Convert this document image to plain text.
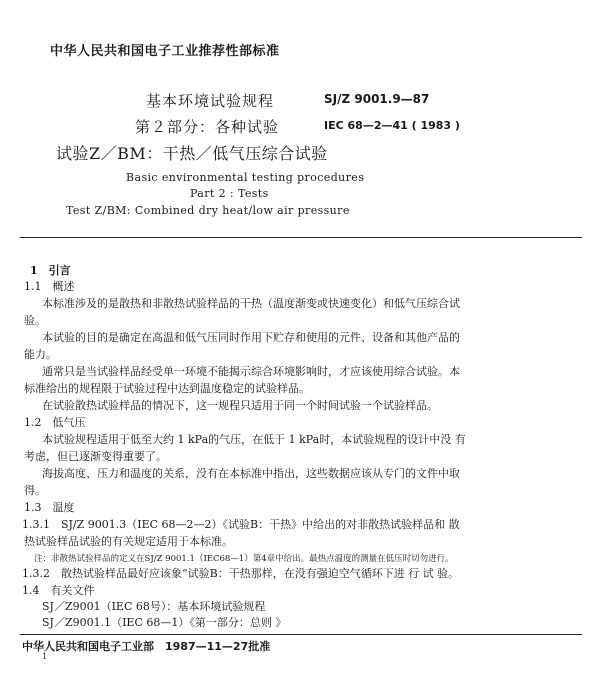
中华人民共和国电子工业推荐性部标准
基本环境试验规程	SJ/Z 9001.9—87
第２部分：各种试验	IEC 68—2—41 ( 1983 )
试验Z／BM：干热／低气压综合试验
Basic environmental testing procedures
Part 2 : Tests
Test Z/BM: Combined dry heat/low air pressure
1　引言
1.1　概述
本标准涉及的是散热和非散热试验样品的干热（温度渐变或快速变化）和低气压综合试
验。
本试验的目的是确定在高温和低气压同时作用下贮存和使用的元件、设备和其他产品的
能力。
通常只是当试验样品经受单一环境不能揭示综合环境影响时，才应该使用综合试验。本
标准给出的规程限于试验过程中达到温度稳定的试验样品。
在试验散热试验样品的情况下，这一规程只适用于同一个时间试验一个试验样品。
1.2　低气压
本试验规程适用于低至大约 1 kPa的气压，在低于 1 kPa时，本试验规程的设计中没 有
考虑，但已逐渐变得重要了。
海拔高度、压力和温度的关系，没有在本标准中指出，这些数据应该从专门的文件中取
得。
1.3　温度
1.3.1　SJ/Z 9001.3（IEC 68—2—2）《试验B：干热》中给出的对非散热试验样品和 散
热试验样品试验的有关规定适用于本标准。
注：非散热试验样品的定义在SJ/Z 9001.1（IEC68—1）第4章中给出。最热点温度的测量在低压时切勿进行。
1.3.2　散热试验样品最好应该象“试验B：干热那样，在没有强迫空气循环下进 行 试 验。
1.4　有关文件
SJ／Z9001（IEC 68号）：基本环境试验规程
SJ／Z9001.1（IEC 68—1）《第一部分：总则 》
中华人民共和国电子工业部　1987—11—27批准
1
